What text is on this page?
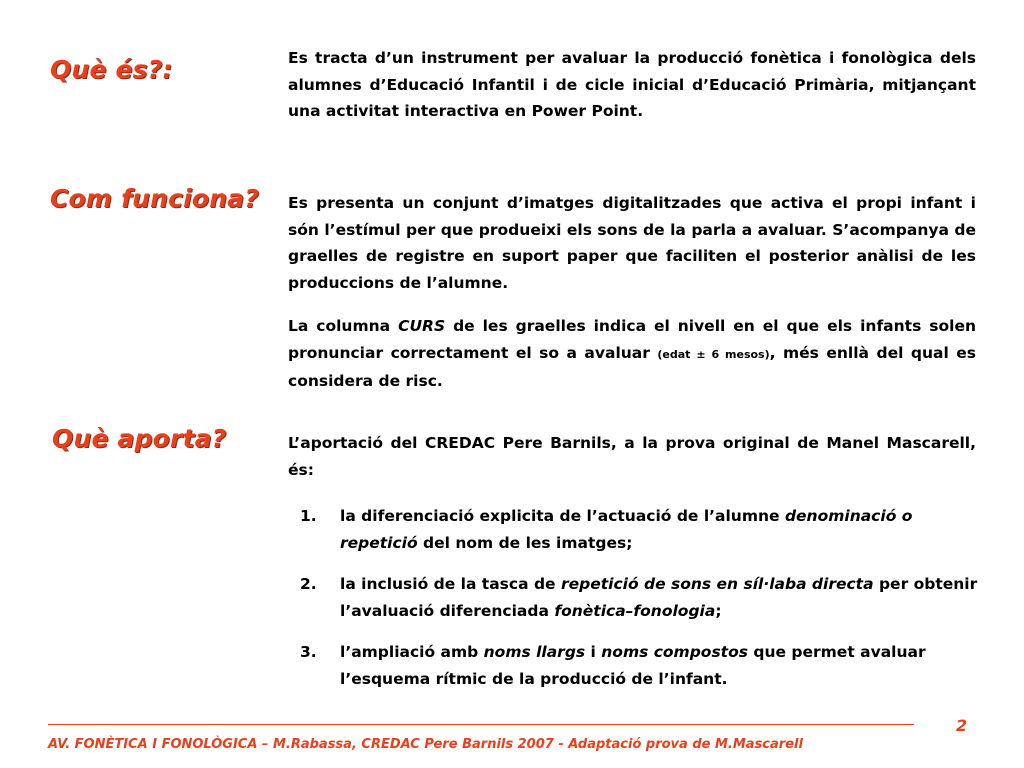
Què és?:	Es tracta d’un instrument per avaluar la producció fonètica i fonològica dels alumnes d’Educació Infantil i de cicle inicial d’Educació Primària, mitjançant una activitat interactiva en Power Point.

Com funciona? Es presenta un conjunt d’imatges digitalitzades que activa el propi infant i són l’estímul per que produeixi els sons de la parla a avaluar. S’acompanya de graelles de registre en suport paper que faciliten el posterior anàlisi de les produccions de l’alumne.

La columna CURS de les graelles indica el nivell en el que els infants solen pronunciar correctament el so a avaluar (edat ± 6 mesos), més enllà del qual es considera de risc.

Què aporta?	L’aportació del CREDAC Pere Barnils, a la prova original de Manel Mascarell, és:

1.	la diferenciació explicita de l’actuació de l’alumne denominació o repetició del nom de les imatges;
2.	la inclusió de la tasca de repetició de sons en síl·laba directa per obtenir l’avaluació diferenciada fonètica–fonologia;
3.	l’ampliació amb noms llargs i noms compostos que permet avaluar l’esquema rítmic de la producció de l’infant.
2
AV. FONÈTICA I FONOLÒGICA – M.Rabassa, CREDAC Pere Barnils 2007 - Adaptació prova de M.Mascarell
